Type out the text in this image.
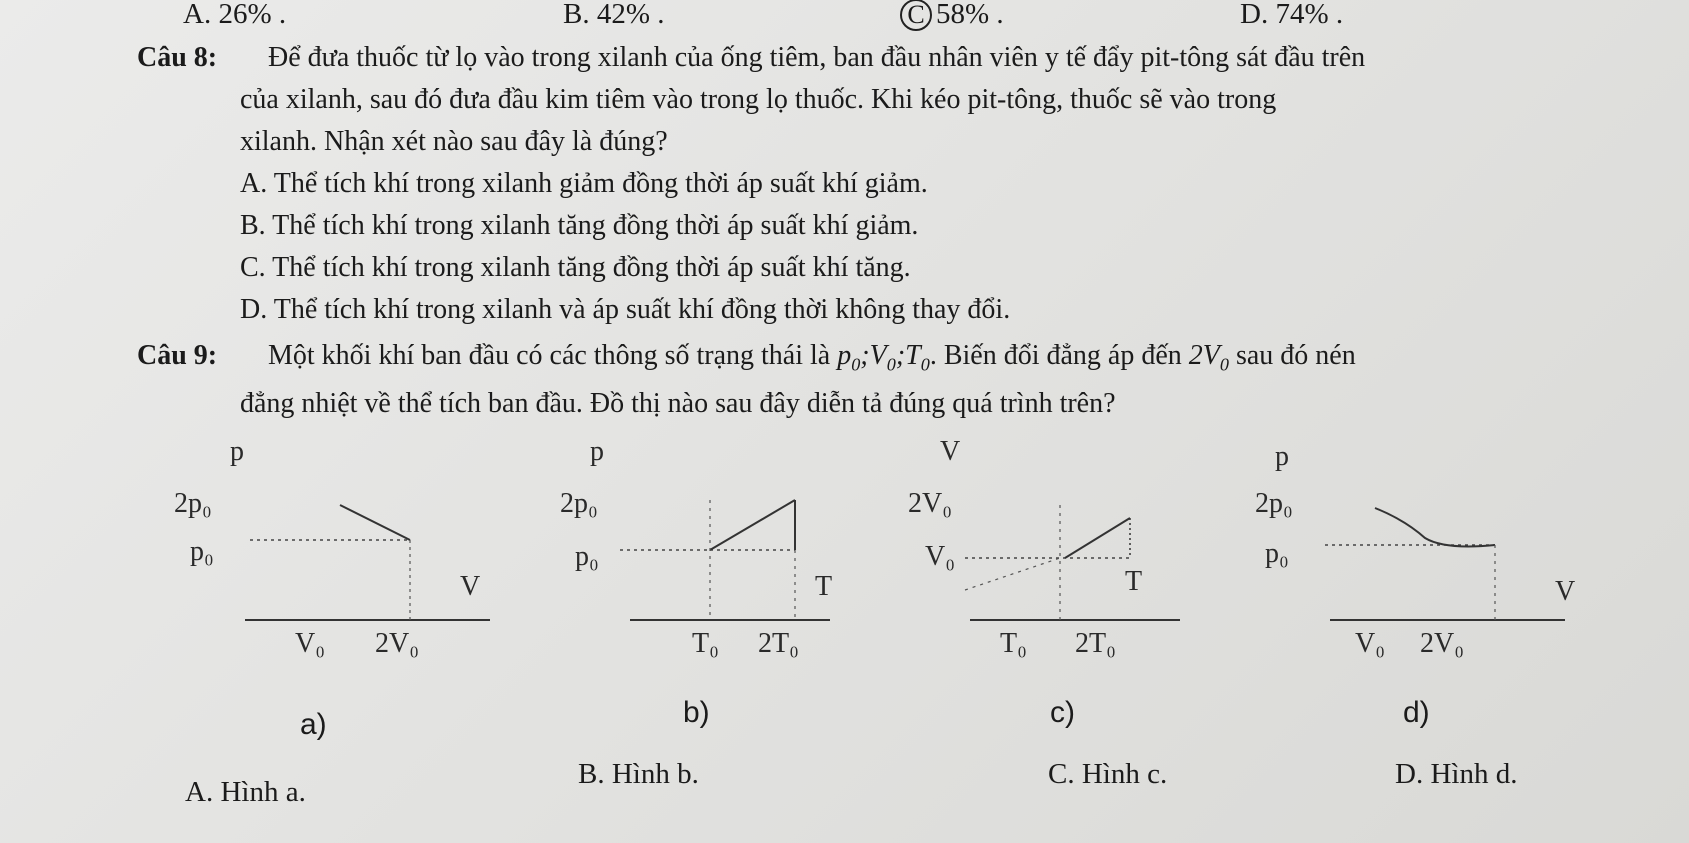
A. 26% .	B. 42% .	C 58% .	D. 74% .
Câu 8: Để đưa thuốc từ lọ vào trong xilanh của ống tiêm, ban đầu nhân viên y tế đẩy pit-tông sát đầu trên
của xilanh, sau đó đưa đầu kim tiêm vào trong lọ thuốc. Khi kéo pit-tông, thuốc sẽ vào trong
xilanh. Nhận xét nào sau đây là đúng?
A. Thể tích khí trong xilanh giảm đồng thời áp suất khí giảm.
B. Thể tích khí trong xilanh tăng đồng thời áp suất khí giảm.
C. Thể tích khí trong xilanh tăng đồng thời áp suất khí tăng.
D. Thể tích khí trong xilanh và áp suất khí đồng thời không thay đổi.
Câu 9: Một khối khí ban đầu có các thông số trạng thái là $p_0;V_0;T_0$. Biến đổi đẳng áp đến $2V_0$ sau đó nén
đẳng nhiệt về thể tích ban đầu. Đồ thị nào sau đây diễn tả đúng quá trình trên?
p
2p₀
p₀
V
V₀ 2V₀
a)
p
2p₀
p₀
T
T₀ 2T₀
b)
V
2V₀
V₀
T
T₀ 2T₀
c)
p
2p₀
p₀
V
V₀ 2V₀
d)
A. Hình a.
B. Hình b.	C. Hình c.	D. Hình d.
